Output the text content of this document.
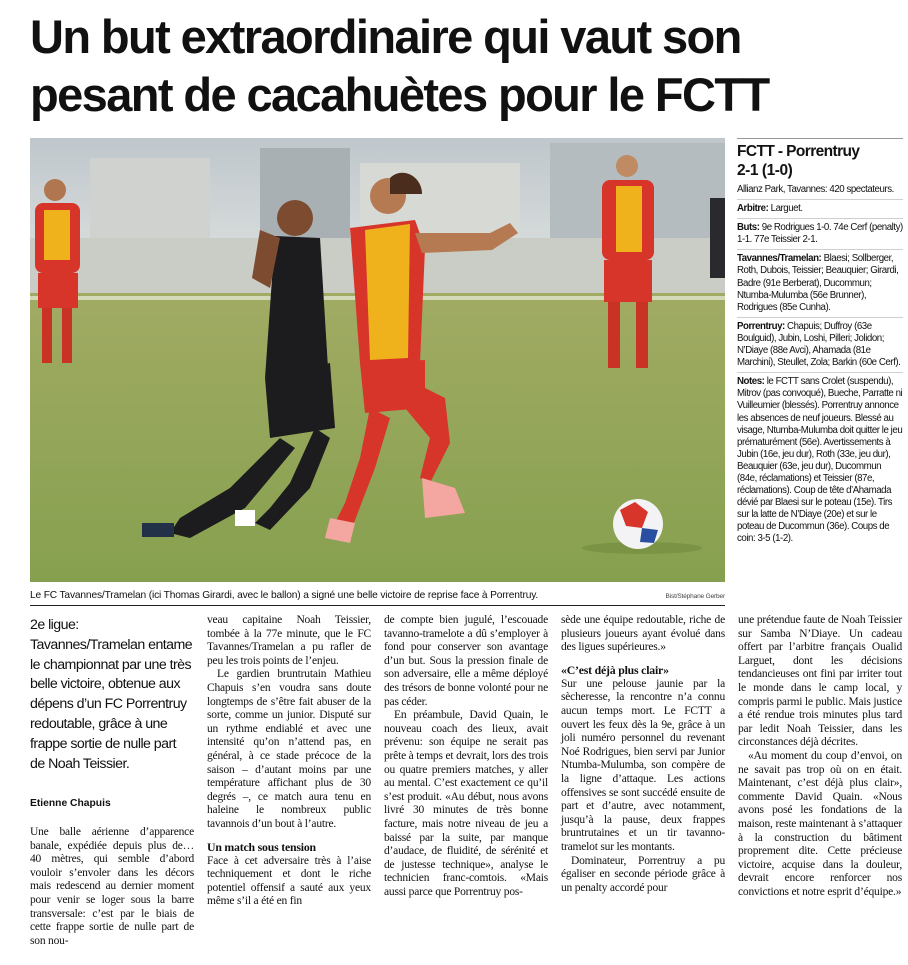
Un but extraordinaire qui vaut son pesant de cacahuètes pour le FCTT
Le FC Tavannes/Tramelan (ici Thomas Girardi, avec le ballon) a signé une belle victoire de reprise face à Porrentruy.	Bist/Stéphane Gerber
FCTT - Porrentruy
2-1 (1-0)

Allianz Park, Tavannes: 420 spectateurs.

Arbitre: Larguet.

Buts: 9e Rodrigues 1-0. 74e Cerf (penalty) 1-1. 77e Teissier 2-1.

Tavannes/Tramelan: Blaesi; Sollberger, Roth, Dubois, Teissier; Beauquier; Girardi, Badre (91e Berberat), Ducommun; Ntumba-Mulumba (56e Brunner), Rodrigues (85e Cunha).

Porrentruy: Chapuis; Duffroy (63e Boulguid), Jubin, Loshi, Pilleri; Jolidon; N’Diaye (88e Avci), Ahamada (81e Marchini), Steullet, Zola; Barkin (60e Cerf).

Notes: le FCTT sans Crolet (suspendu), Mitrov (pas convoqué), Bueche, Parratte ni Vuilleumier (blessés). Porrentruy annonce les absences de neuf joueurs. Blessé au visage, Ntumba-Mulumba doit quitter le jeu prématurément (56e). Avertissements à Jubin (16e, jeu dur), Roth (33e, jeu dur), Beauquier (63e, jeu dur), Ducommun (84e, réclamations) et Teissier (87e, réclamations). Coup de tête d’Ahamada dévié par Blaesi sur le poteau (15e). Tirs sur la latte de N’Diaye (20e) et sur le poteau de Ducommun (36e). Coups de coin: 3-5 (1-2).

2e ligue: Tavannes/Tramelan entame le championnat par une très belle victoire, obtenue aux dépens d’un FC Porrentruy redoutable, grâce à une frappe sortie de nulle part de Noah Teissier.
Etienne Chapuis

Une balle aérienne d’apparence banale, expédiée depuis plus de… 40 mètres, qui semble d’abord vouloir s’envoler dans les décors mais redescend au dernier moment pour venir se loger sous la barre transversale: c’est par le biais de cette frappe sortie de nulle part de son nou-

veau capitaine Noah Teissier, tombée à la 77e minute, que le FC Tavannes/Tramelan a pu rafler de peu les trois points de l’enjeu.

Le gardien bruntrutain Mathieu Chapuis s’en voudra sans doute longtemps de s’être fait abuser de la sorte, comme un junior. Disputé sur un rythme endiablé et avec une intensité qu’on n’attend pas, en général, à ce stade précoce de la saison – d’autant moins par une température affichant plus de 30 degrés –, ce match aura tenu en haleine le nombreux public tavannois d’un bout à l’autre.

Un match sous tension

Face à cet adversaire très à l’aise techniquement et dont le riche potentiel offensif a sauté aux yeux même s’il a été en fin

de compte bien jugulé, l’escouade tavanno-tramelote a dû s’employer à fond pour conserver son avantage d’un but. Sous la pression finale de son adversaire, elle a même déployé des trésors de bonne volonté pour ne pas céder.

En préambule, David Quain, le nouveau coach des lieux, avait prévenu: son équipe ne serait pas prête à temps et devrait, lors des trois ou quatre premiers matches, y aller au mental. C’est exactement ce qu’il s’est produit. «Au début, nous avons livré 30 minutes de très bonne facture, mais notre niveau de jeu a baissé par la suite, par manque d’audace, de fluidité, de sérénité et de justesse technique», analyse le technicien franc-comtois. «Mais aussi parce que Porrentruy pos-

sède une équipe redoutable, riche de plusieurs joueurs ayant évolué dans des ligues supérieures.»

«C’est déjà plus clair»

Sur une pelouse jaunie par la sècheresse, la rencontre n’a connu aucun temps mort. Le FCTT a ouvert les feux dès la 9e, grâce à un joli numéro personnel du revenant Noé Rodrigues, bien servi par Junior Ntumba-Mulumba, son compère de la ligne d’attaque. Les actions offensives se sont succédé ensuite de part et d’autre, avec notamment, jusqu’à la pause, deux frappes bruntrutaines et un tir tavanno-tramelot sur les montants.

Dominateur, Porrentruy a pu égaliser en seconde période grâce à un penalty accordé pour

une prétendue faute de Noah Teissier sur Samba N’Diaye. Un cadeau offert par l’arbitre français Oualid Larguet, dont les décisions tendancieuses ont fini par irriter tout le monde dans le camp local, y compris parmi le public. Mais justice a été rendue trois minutes plus tard par ledit Noah Teissier, dans les circonstances déjà décrites.

«Au moment du coup d’envoi, on ne savait pas trop où on en était. Maintenant, c’est déjà plus clair», commente David Quain. «Nous avons posé les fondations de la maison, reste maintenant à s’attaquer à la construction du bâtiment proprement dite. Cette précieuse victoire, acquise dans la douleur, devrait encore renforcer nos convictions et notre esprit d’équipe.»
